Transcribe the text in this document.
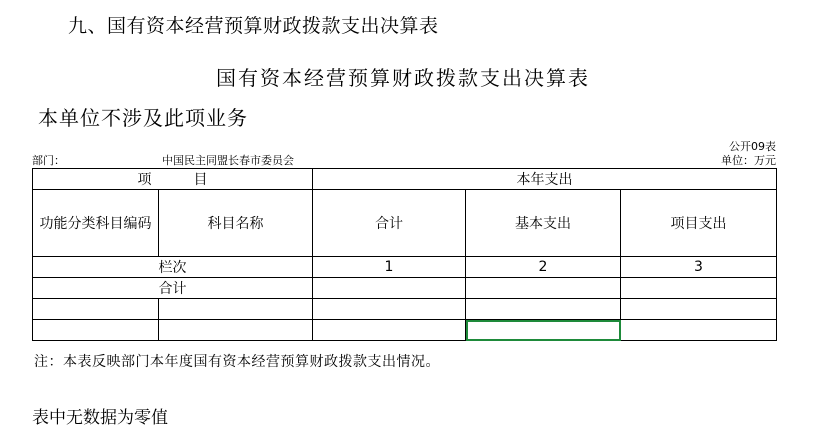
九、国有资本经营预算财政拨款支出决算表
国有资本经营预算财政拨款支出决算表
本单位不涉及此项业务
公开09表
部门：	中国民主同盟长春市委员会	单位：万元
项　　　目		本年支出		
功能分类科目编码	科目名称	合计	基本支出	项目支出
栏次		1	2	3
合计				

注：本表反映部门本年度国有资本经营预算财政拨款支出情况。
表中无数据为零值
